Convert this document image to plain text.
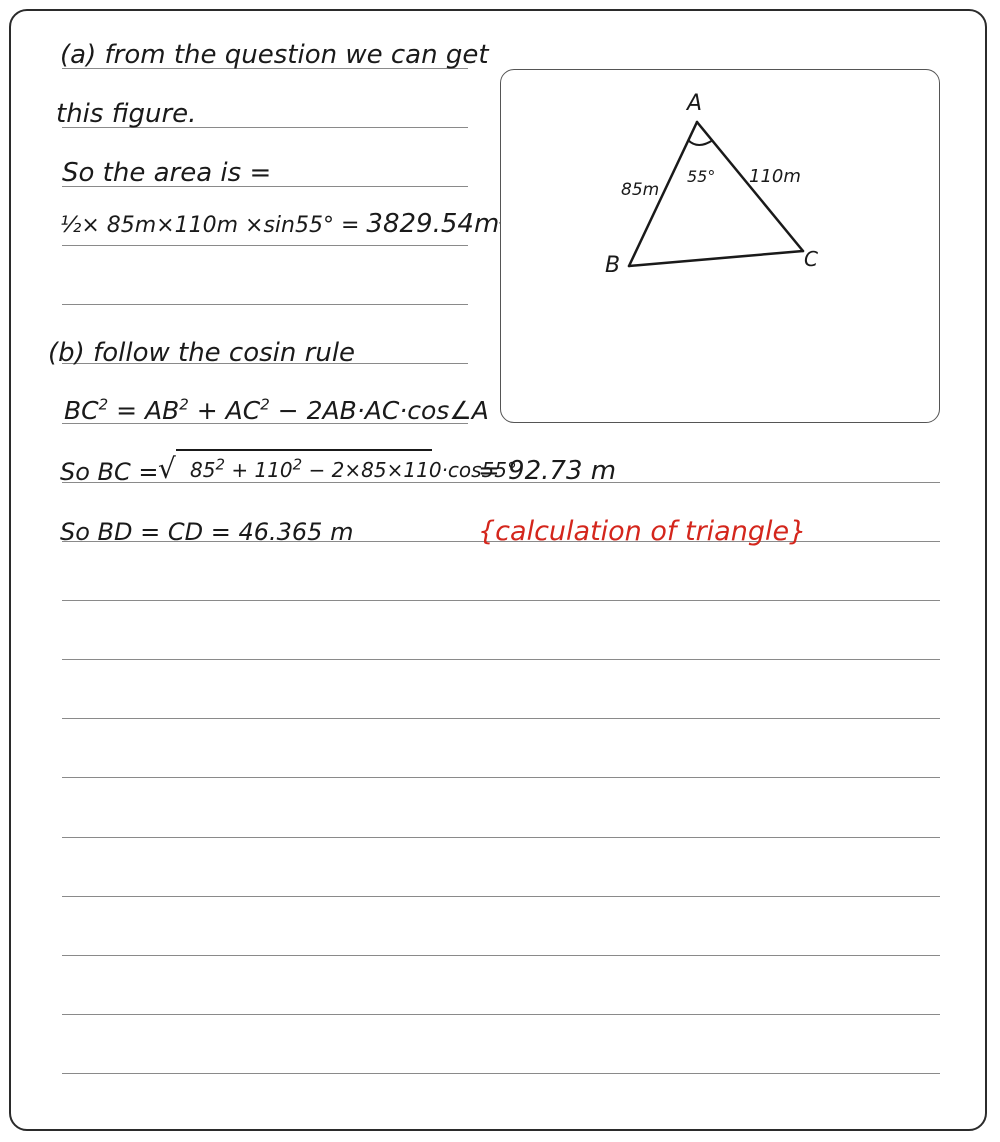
(a) from the question we can get
this figure.
So the area is =
½× 85m×110m ×sin55° = 3829.54m
(b) follow the cosin rule
$BC^2 = AB^2 + AC^2$ − 2AB·AC·cos∠A
So BC = √ $85^2 + 110^2 - 2\times 85\times 110\cdot\cos 55^\circ$
= 92.73 m
So BD = CD = 46.365 m	{calculation of triangle}
A
B	C
85m
110m
55°
